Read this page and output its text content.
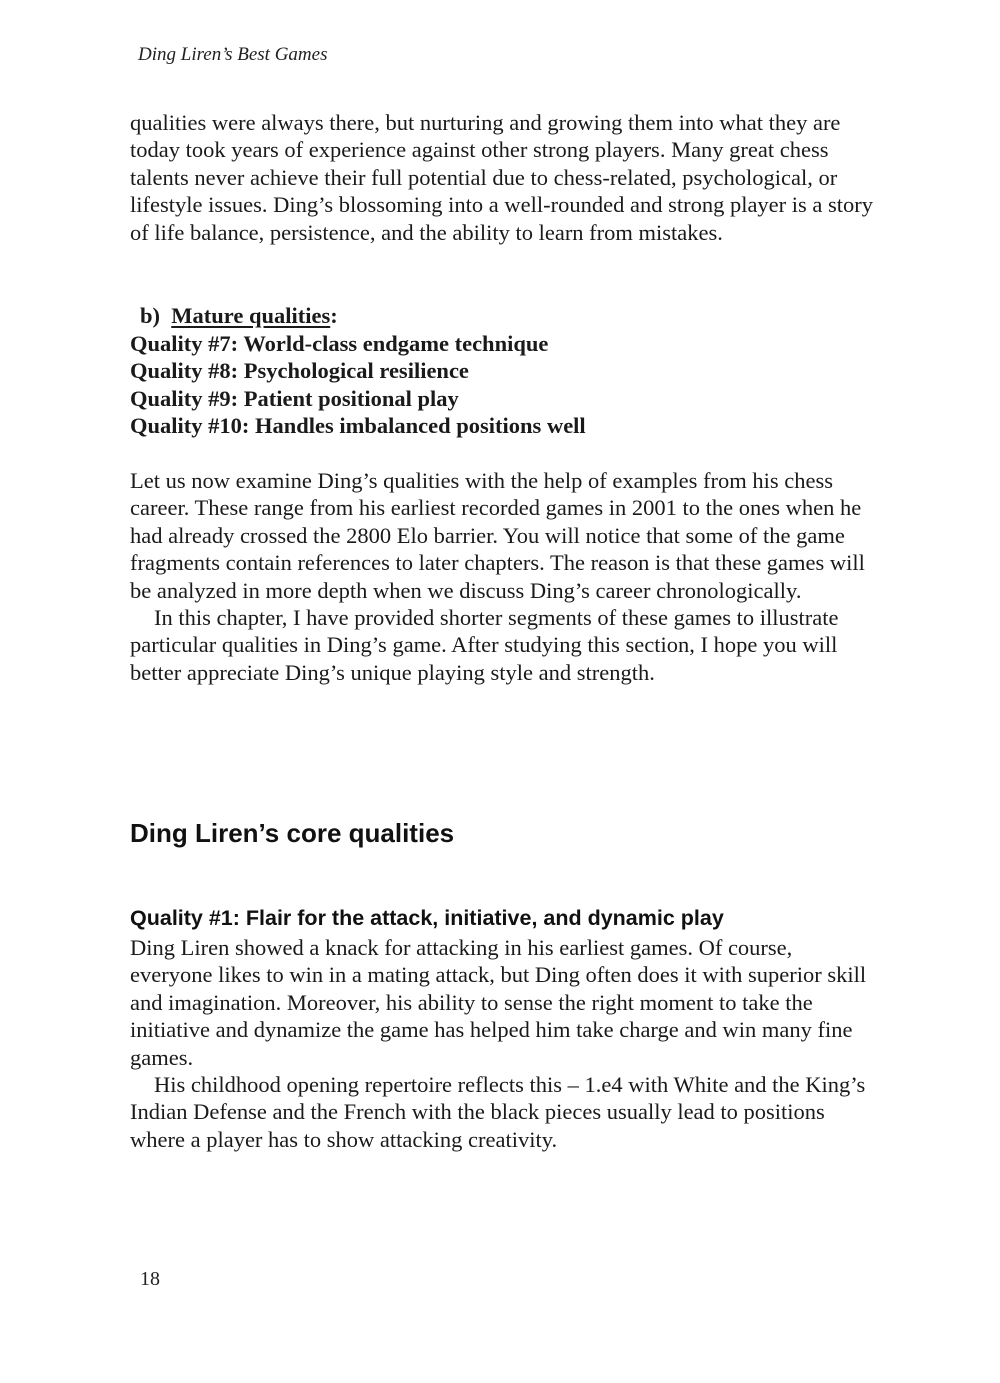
Ding Liren’s Best Games

qualities were always there, but nurturing and growing them into what they are today took years of experience against other strong players. Many great chess talents never achieve their full potential due to chess-related, psychological, or lifestyle issues. Ding’s blossoming into a well-rounded and strong player is a story of life balance, persistence, and the ability to learn from mistakes.

b) Mature qualities:
Quality #7: World-class endgame technique
Quality #8: Psychological resilience
Quality #9: Patient positional play
Quality #10: Handles imbalanced positions well

Let us now examine Ding’s qualities with the help of examples from his chess career. These range from his earliest recorded games in 2001 to the ones when he had already crossed the 2800 Elo barrier. You will notice that some of the game fragments contain references to later chapters. The reason is that these games will be analyzed in more depth when we discuss Ding’s career chronologically.

In this chapter, I have provided shorter segments of these games to illustrate particular qualities in Ding’s game. After studying this section, I hope you will better appreciate Ding’s unique playing style and strength.

Ding Liren’s core qualities
Quality #1: Flair for the attack, initiative, and dynamic play

Ding Liren showed a knack for attacking in his earliest games. Of course, everyone likes to win in a mating attack, but Ding often does it with superior skill and imagination. Moreover, his ability to sense the right moment to take the initiative and dynamize the game has helped him take charge and win many fine games.

His childhood opening repertoire reflects this – 1.e4 with White and the King’s Indian Defense and the French with the black pieces usually lead to positions where a player has to show attacking creativity.

18
